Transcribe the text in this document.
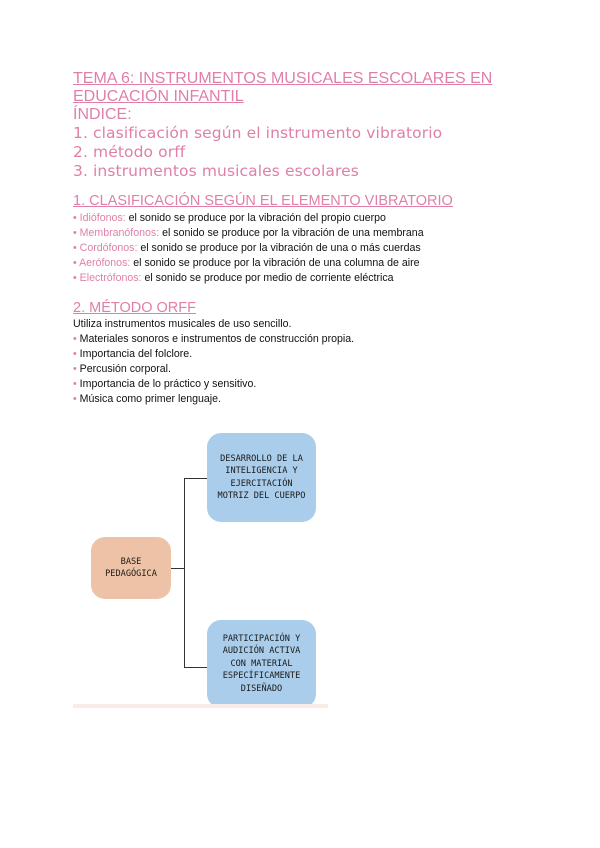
TEMA 6: INSTRUMENTOS MUSICALES ESCOLARES EN
EDUCACIÓN INFANTIL
ÍNDICE:
1. clasificación según el instrumento vibratorio
2. método orff
3. instrumentos musicales escolares
1. CLASIFICACIÓN SEGÚN EL ELEMENTO VIBRATORIO
• Idiófonos: el sonido se produce por la vibración del propio cuerpo
• Membranófonos: el sonido se produce por la vibración de una membrana
• Cordófonos: el sonido se produce por la vibración de una o más cuerdas
• Aerófonos: el sonido se produce por la vibración de una columna de aire
• Electrófonos: el sonido se produce por medio de corriente eléctrica
2. MÉTODO ORFF
Utiliza instrumentos musicales de uso sencillo.
• Materiales sonoros e instrumentos de construcción propia.
• Importancia del folclore.
• Percusión corporal.
• Importancia de lo práctico y sensitivo.
• Música como primer lenguaje.
BASE
PEDAGÓGICA
DESARROLLO DE LA
INTELIGENCIA Y
EJERCITACIÓN
MOTRIZ DEL CUERPO
PARTICIPACIÓN Y
AUDICIÓN ACTIVA
CON MATERIAL
ESPECÍFICAMENTE
DISEÑADO
